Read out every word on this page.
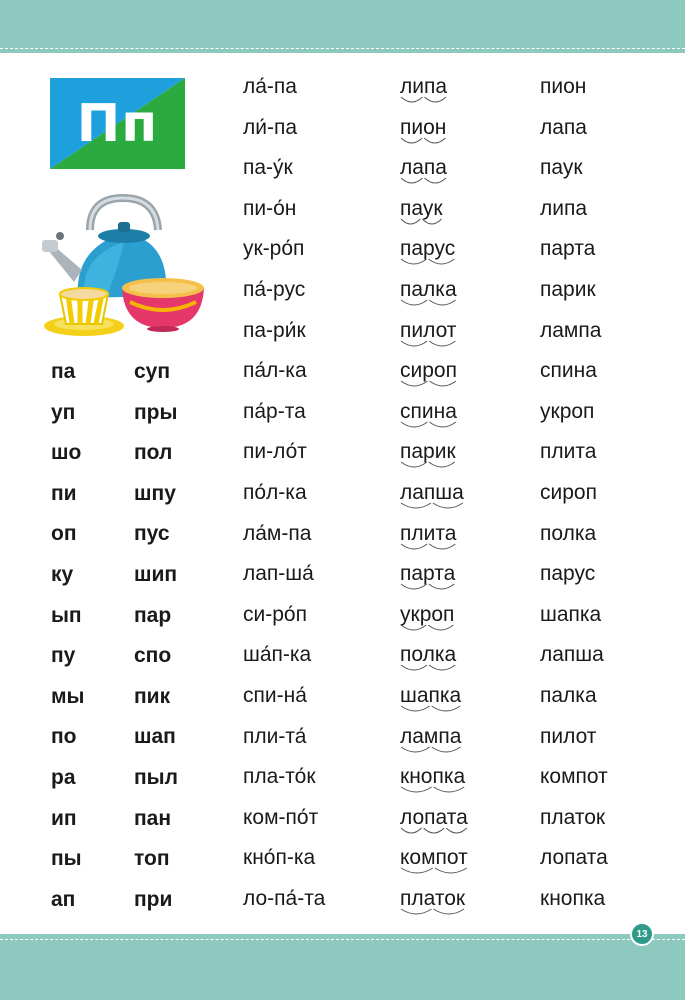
Пп
па
уп
шо
пи
оп
ку
ып
пу
мы
по
ра
ип
пы
ап
суп
пры
пол
шпу
пус
шип
пар
спо
пик
шап
пыл
пан
топ
при
ла́-па
ли́-па
па-у́к
пи-о́н
ук-ро́п
па́-рус
па-ри́к
па́л-ка
па́р-та
пи-ло́т
по́л-ка
ла́м-па
лап-ша́
си-ро́п
ша́п-ка
спи-на́
пли-та́
пла-то́к
ком-по́т
кно́п-ка
ло-па́-та
липа
пион
лапа
паук
парус
палка
пилот
сироп
спина
парик
лапша
плита
парта
укроп
полка
шапка
лампа
кнопка
лопата
компот
платок
пион
лапа
паук
липа
парта
парик
лампа
спина
укроп
плита
сироп
полка
парус
шапка
лапша
палка
пилот
компот
платок
лопата
кнопка
13
